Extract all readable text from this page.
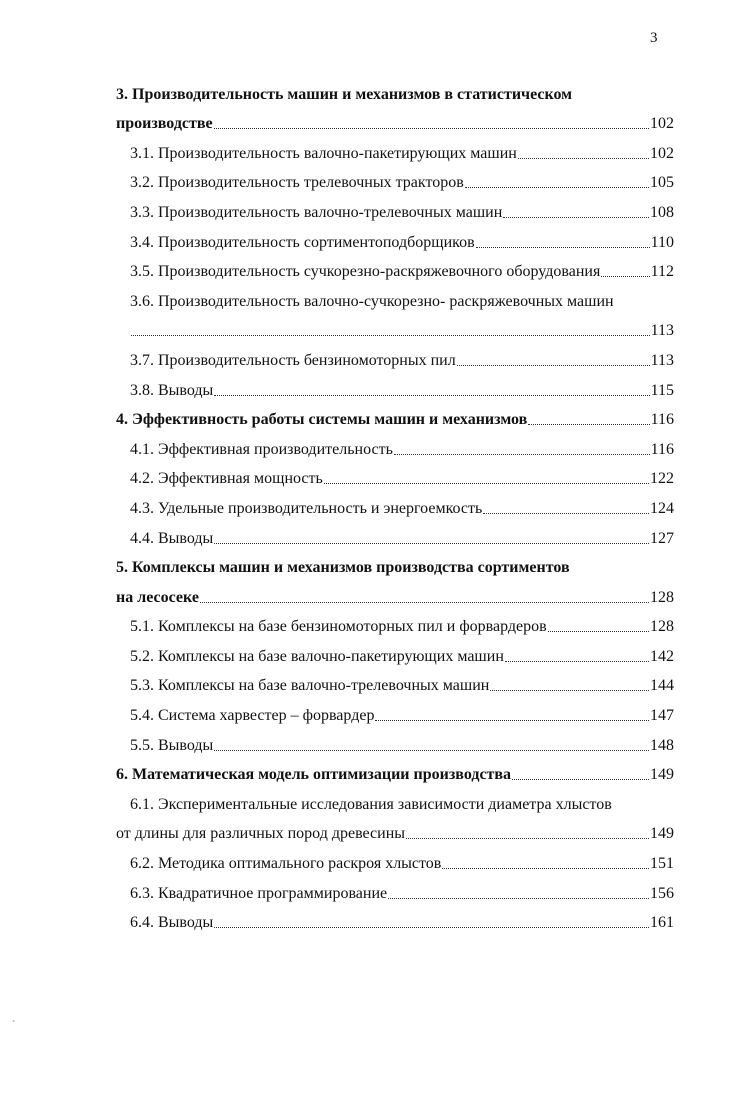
3
3. Производительность машин и механизмов в статистическом
производстве	102
3.1. Производительность валочно-пакетирующих машин	102
3.2. Производительность трелевочных тракторов	105
3.3. Производительность валочно-трелевочных машин	108
3.4. Производительность сортиментоподборщиков	110
3.5. Производительность сучкорезно-раскряжевочного оборудования	112
3.6. Производительность валочно-сучкорезно- раскряжевочных машин
113
3.7. Производительность бензиномоторных пил	113
3.8. Выводы	115
4. Эффективность работы системы машин и механизмов	116
4.1. Эффективная производительность	116
4.2. Эффективная мощность	122
4.3. Удельные производительность и энергоемкость	124
4.4. Выводы	127
5. Комплексы машин и механизмов производства сортиментов
на лесосеке	128
5.1. Комплексы на базе бензиномоторных пил и форвардеров	128
5.2. Комплексы на базе валочно-пакетирующих машин	142
5.3. Комплексы на базе валочно-трелевочных машин	144
5.4. Система харвестер – форвардер	147
5.5. Выводы	148
6. Математическая модель оптимизации производства	149
6.1. Экспериментальные исследования зависимости диаметра хлыстов
от длины для различных пород древесины	149
6.2. Методика оптимального раскроя хлыстов	151
6.3. Квадратичное программирование	156
6.4. Выводы	161
`
